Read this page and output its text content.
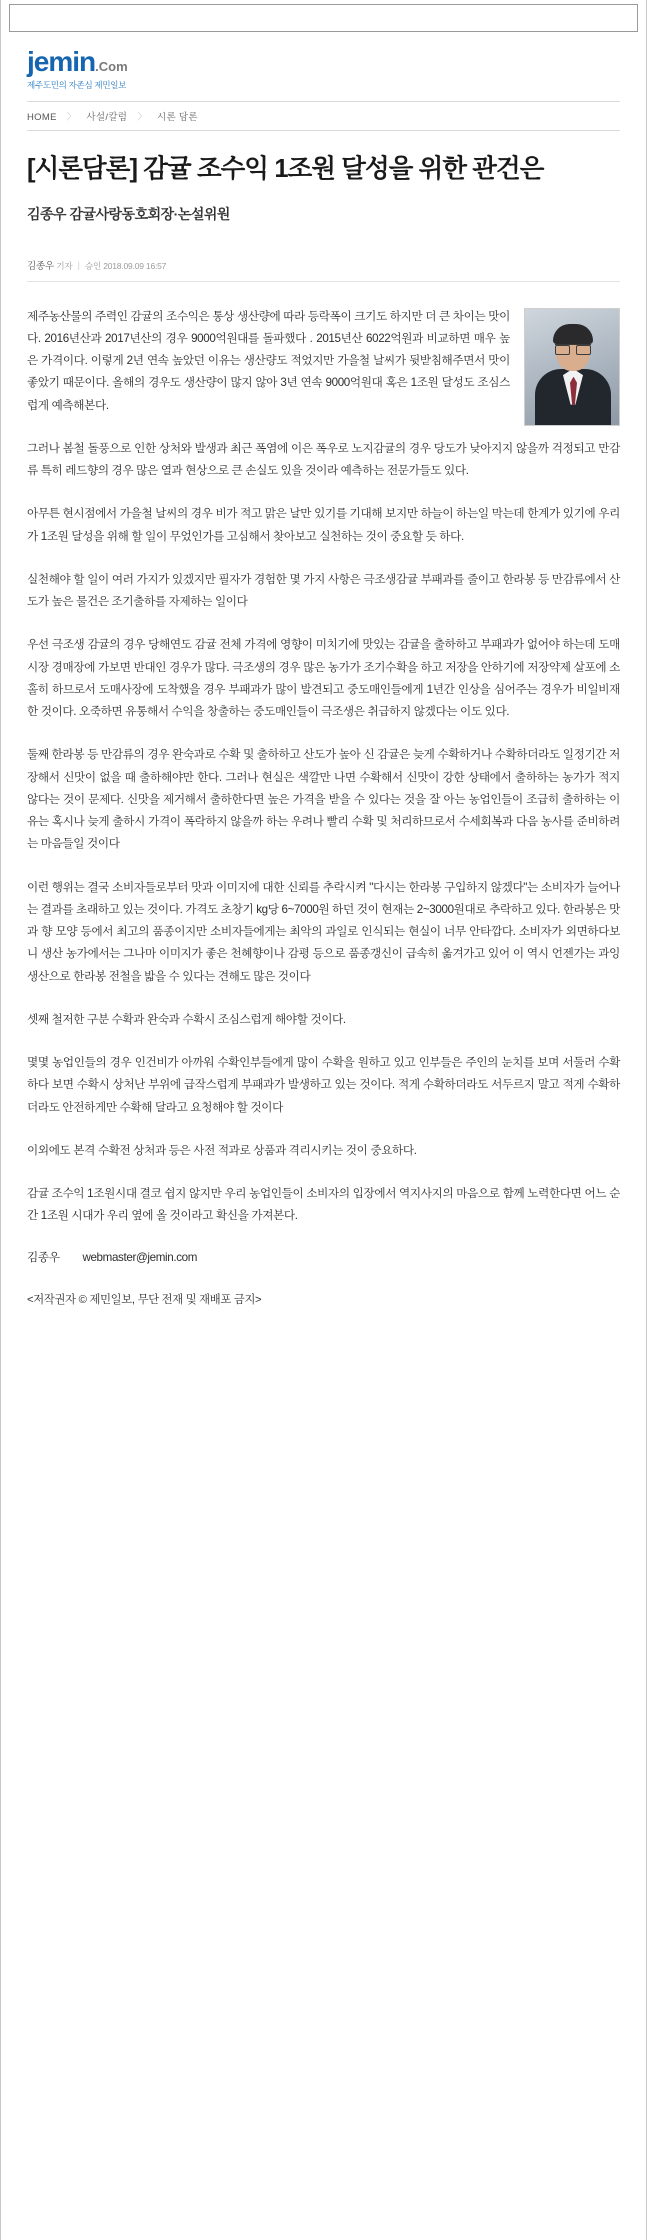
jemin.Com
제주도민의 자존심 제민일보
HOME 〉 사설/칼럼 〉 시론 담론
[시론담론] 감귤 조수익 1조원 달성을 위한 관건은
김종우 감귤사랑동호회장·논설위원
김종우 기자 ｜ 승인 2018.09.09 16:57

제주농산물의 주력인 감귤의 조수익은 통상 생산량에 따라 등락폭이 크기도 하지만 더 큰 차이는 맛이다. 2016년산과 2017년산의 경우 9000억원대를 돌파했다 . 2015년산 6022억원과 비교하면 매우 높은 가격이다. 이렇게 2년 연속 높았던 이유는 생산량도 적었지만 가을철 날씨가 뒷받침해주면서 맛이 좋았기 때문이다. 올해의 경우도 생산량이 많지 않아 3년 연속 9000억원대 혹은 1조원 달성도 조심스럽게 예측해본다.

그러나 봄철 돌풍으로 인한 상처와 발생과 최근 폭염에 이은 폭우로 노지감귤의 경우 당도가 낮아지지 않을까 걱정되고 만감류 특히 레드향의 경우 많은 열과 현상으로 큰 손실도 있을 것이라 예측하는 전문가들도 있다.

아무튼 현시점에서 가을철 날씨의 경우 비가 적고 맑은 날만 있기를 기대해 보지만 하늘이 하는일 막는데 한계가 있기에 우리가 1조원 달성을 위해 할 일이 무었인가를 고심해서 찾아보고 실천하는 것이 중요할 듯 하다.

실천해야 할 일이 여러 가지가 있겠지만 필자가 경험한 몇 가지 사항은 극조생감귤 부패과를 줄이고 한라봉 등 만감류에서 산도가 높은 물건은 조기출하를 자제하는 일이다

우선 극조생 감귤의 경우 당해연도 감귤 전체 가격에 영향이 미치기에 맛있는 감귤을 출하하고 부패과가 없어야 하는데 도매시장 경매장에 가보면 반대인 경우가 많다. 극조생의 경우 많은 농가가 조기수확을 하고 저장을 안하기에 저장약제 살포에 소홀히 하므로서 도매사장에 도착했을 경우 부패과가 많이 발견되고 중도매인들에게 1년간 인상을 심어주는 경우가 비일비재 한 것이다. 오죽하면 유통해서 수익을 창출하는 중도매인들이 극조생은 취급하지 않겠다는 이도 있다.

둘째 한라봉 등 만감류의 경우 완숙과로 수확 및 출하하고 산도가 높아 신 감귤은 늦게 수확하거나 수확하더라도 일정기간 저장해서 신맛이 없을 때 출하해야만 한다. 그러나 현실은 색깔만 나면 수확해서 신맛이 강한 상태에서 출하하는 농가가 적지 않다는 것이 문제다. 신맛을 제거해서 출하한다면 높은 가격을 받을 수 있다는 것을 잘 아는 농업인들이 조급히 출하하는 이유는 혹시나 늦게 출하시 가격이 폭락하지 않을까 하는 우려나 빨리 수확 및 처리하므로서 수세회복과 다음 농사를 준비하려는 마음들일 것이다

이런 행위는 결국 소비자들로부터 맛과 이미지에 대한 신뢰를 추락시켜 "다시는 한라봉 구입하지 않겠다"는 소비자가 늘어나는 결과를 초래하고 있는 것이다. 가격도 초창기 kg당 6~7000원 하던 것이 현재는 2~3000원대로 추락하고 있다. 한라봉은 맛과 향 모양 등에서 최고의 품종이지만 소비자들에게는 최악의 과일로 인식되는 현실이 너무 안타깝다. 소비자가 외면하다보니 생산 농가에서는 그나마 이미지가 좋은 천혜향이나 감평 등으로 품종갱신이 급속히 옮겨가고 있어 이 역시 언젠가는 과잉 생산으로 한라봉 전철을 밟을 수 있다는 견해도 많은 것이다

셋째 철저한 구분 수확과 완숙과 수확시 조심스럽게 해야할 것이다.

몇몇 농업인들의 경우 인건비가 아까워 수확인부들에게 많이 수확을 원하고 있고 인부들은 주인의 눈치를 보며 서둘러 수확하다 보면 수확시 상처난 부위에 급작스럽게 부패과가 발생하고 있는 것이다. 적게 수확하더라도 서두르지 말고 적게 수확하더라도 안전하게만 수확해 달라고 요청해야 할 것이다

이외에도 본격 수확전 상처과 등은 사전 적과로 상품과 격리시키는 것이 중요하다.

감귤 조수익 1조원시대 결코 쉽지 않지만 우리 농업인들이 소비자의 입장에서 역지사지의 마음으로 함께 노력한다면 어느 순간 1조원 시대가 우리 옆에 올 것이라고 확신을 가져본다.

김종우 webmaster@jemin.com
<저작권자 © 제민일보, 무단 전재 및 재배포 금지>
